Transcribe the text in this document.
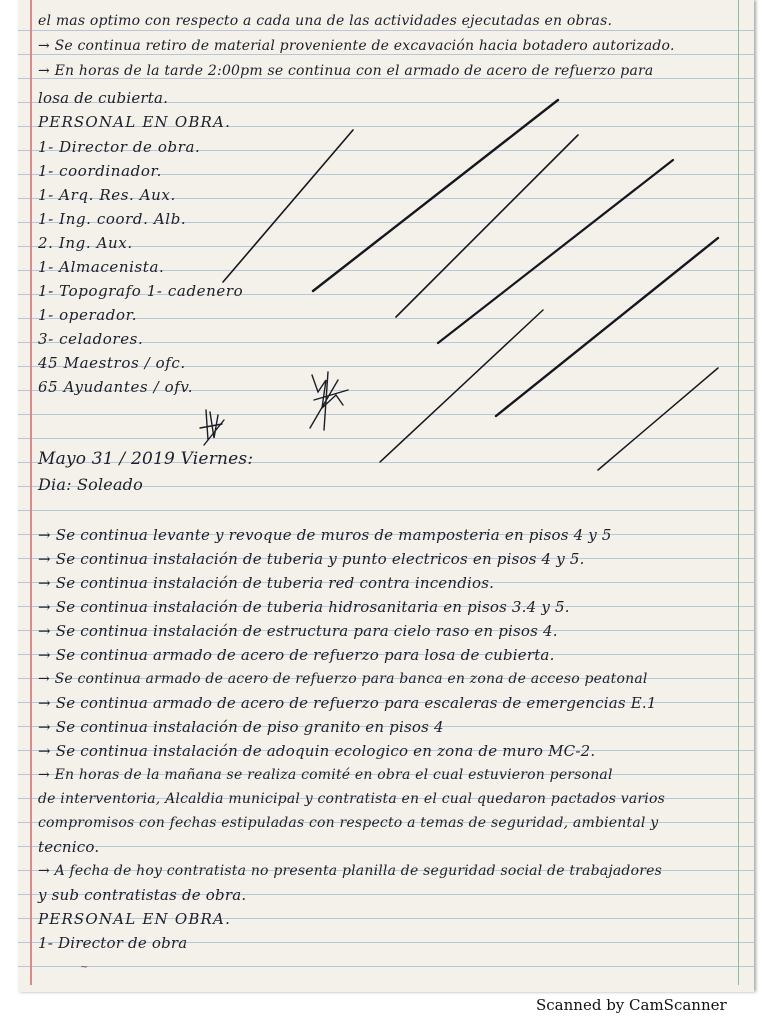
el mas optimo con respecto a cada una de las actividades ejecutadas en obras.
→ Se continua retiro de material proveniente de excavación hacia botadero autorizado.
→ En horas de la tarde 2:00pm se continua con el armado de acero de refuerzo para
losa de cubierta.
PERSONAL EN OBRA.
1- Director de obra.
1- coordinador.
1- Arq. Res. Aux.
1- Ing. coord. Alb.
2. Ing. Aux.
1- Almacenista.
1- Topografo 1- cadenero
1- operador.
3- celadores.
45 Maestros / ofc.
65 Ayudantes / ofv.
Mayo 31 / 2019 Viernes:
Dia: Soleado
→ Se continua levante y revoque de muros de mamposteria en pisos 4 y 5
→ Se continua instalación de tuberia y punto electricos en pisos 4 y 5.
→ Se continua instalación de tuberia red contra incendios.
→ Se continua instalación de tuberia hidrosanitaria en pisos 3.4 y 5.
→ Se continua instalación de estructura para cielo raso en pisos 4.
→ Se continua armado de acero de refuerzo para losa de cubierta.
→ Se continua armado de acero de refuerzo para banca en zona de acceso peatonal
→ Se continua armado de acero de refuerzo para escaleras de emergencias E.1
→ Se continua instalación de piso granito en pisos 4
→ Se continua instalación de adoquin ecologico en zona de muro MC-2.
→ En horas de la mañana se realiza comité en obra el cual estuvieron personal
de interventoria, Alcaldia municipal y contratista en el cual quedaron pactados varios
compromisos con fechas estipuladas con respecto a temas de seguridad, ambiental y
tecnico.
→ A fecha de hoy contratista no presenta planilla de seguridad social de trabajadores
y sub contratistas de obra.
PERSONAL EN OBRA.
1- Director de obra
~
Scanned by CamScanner
